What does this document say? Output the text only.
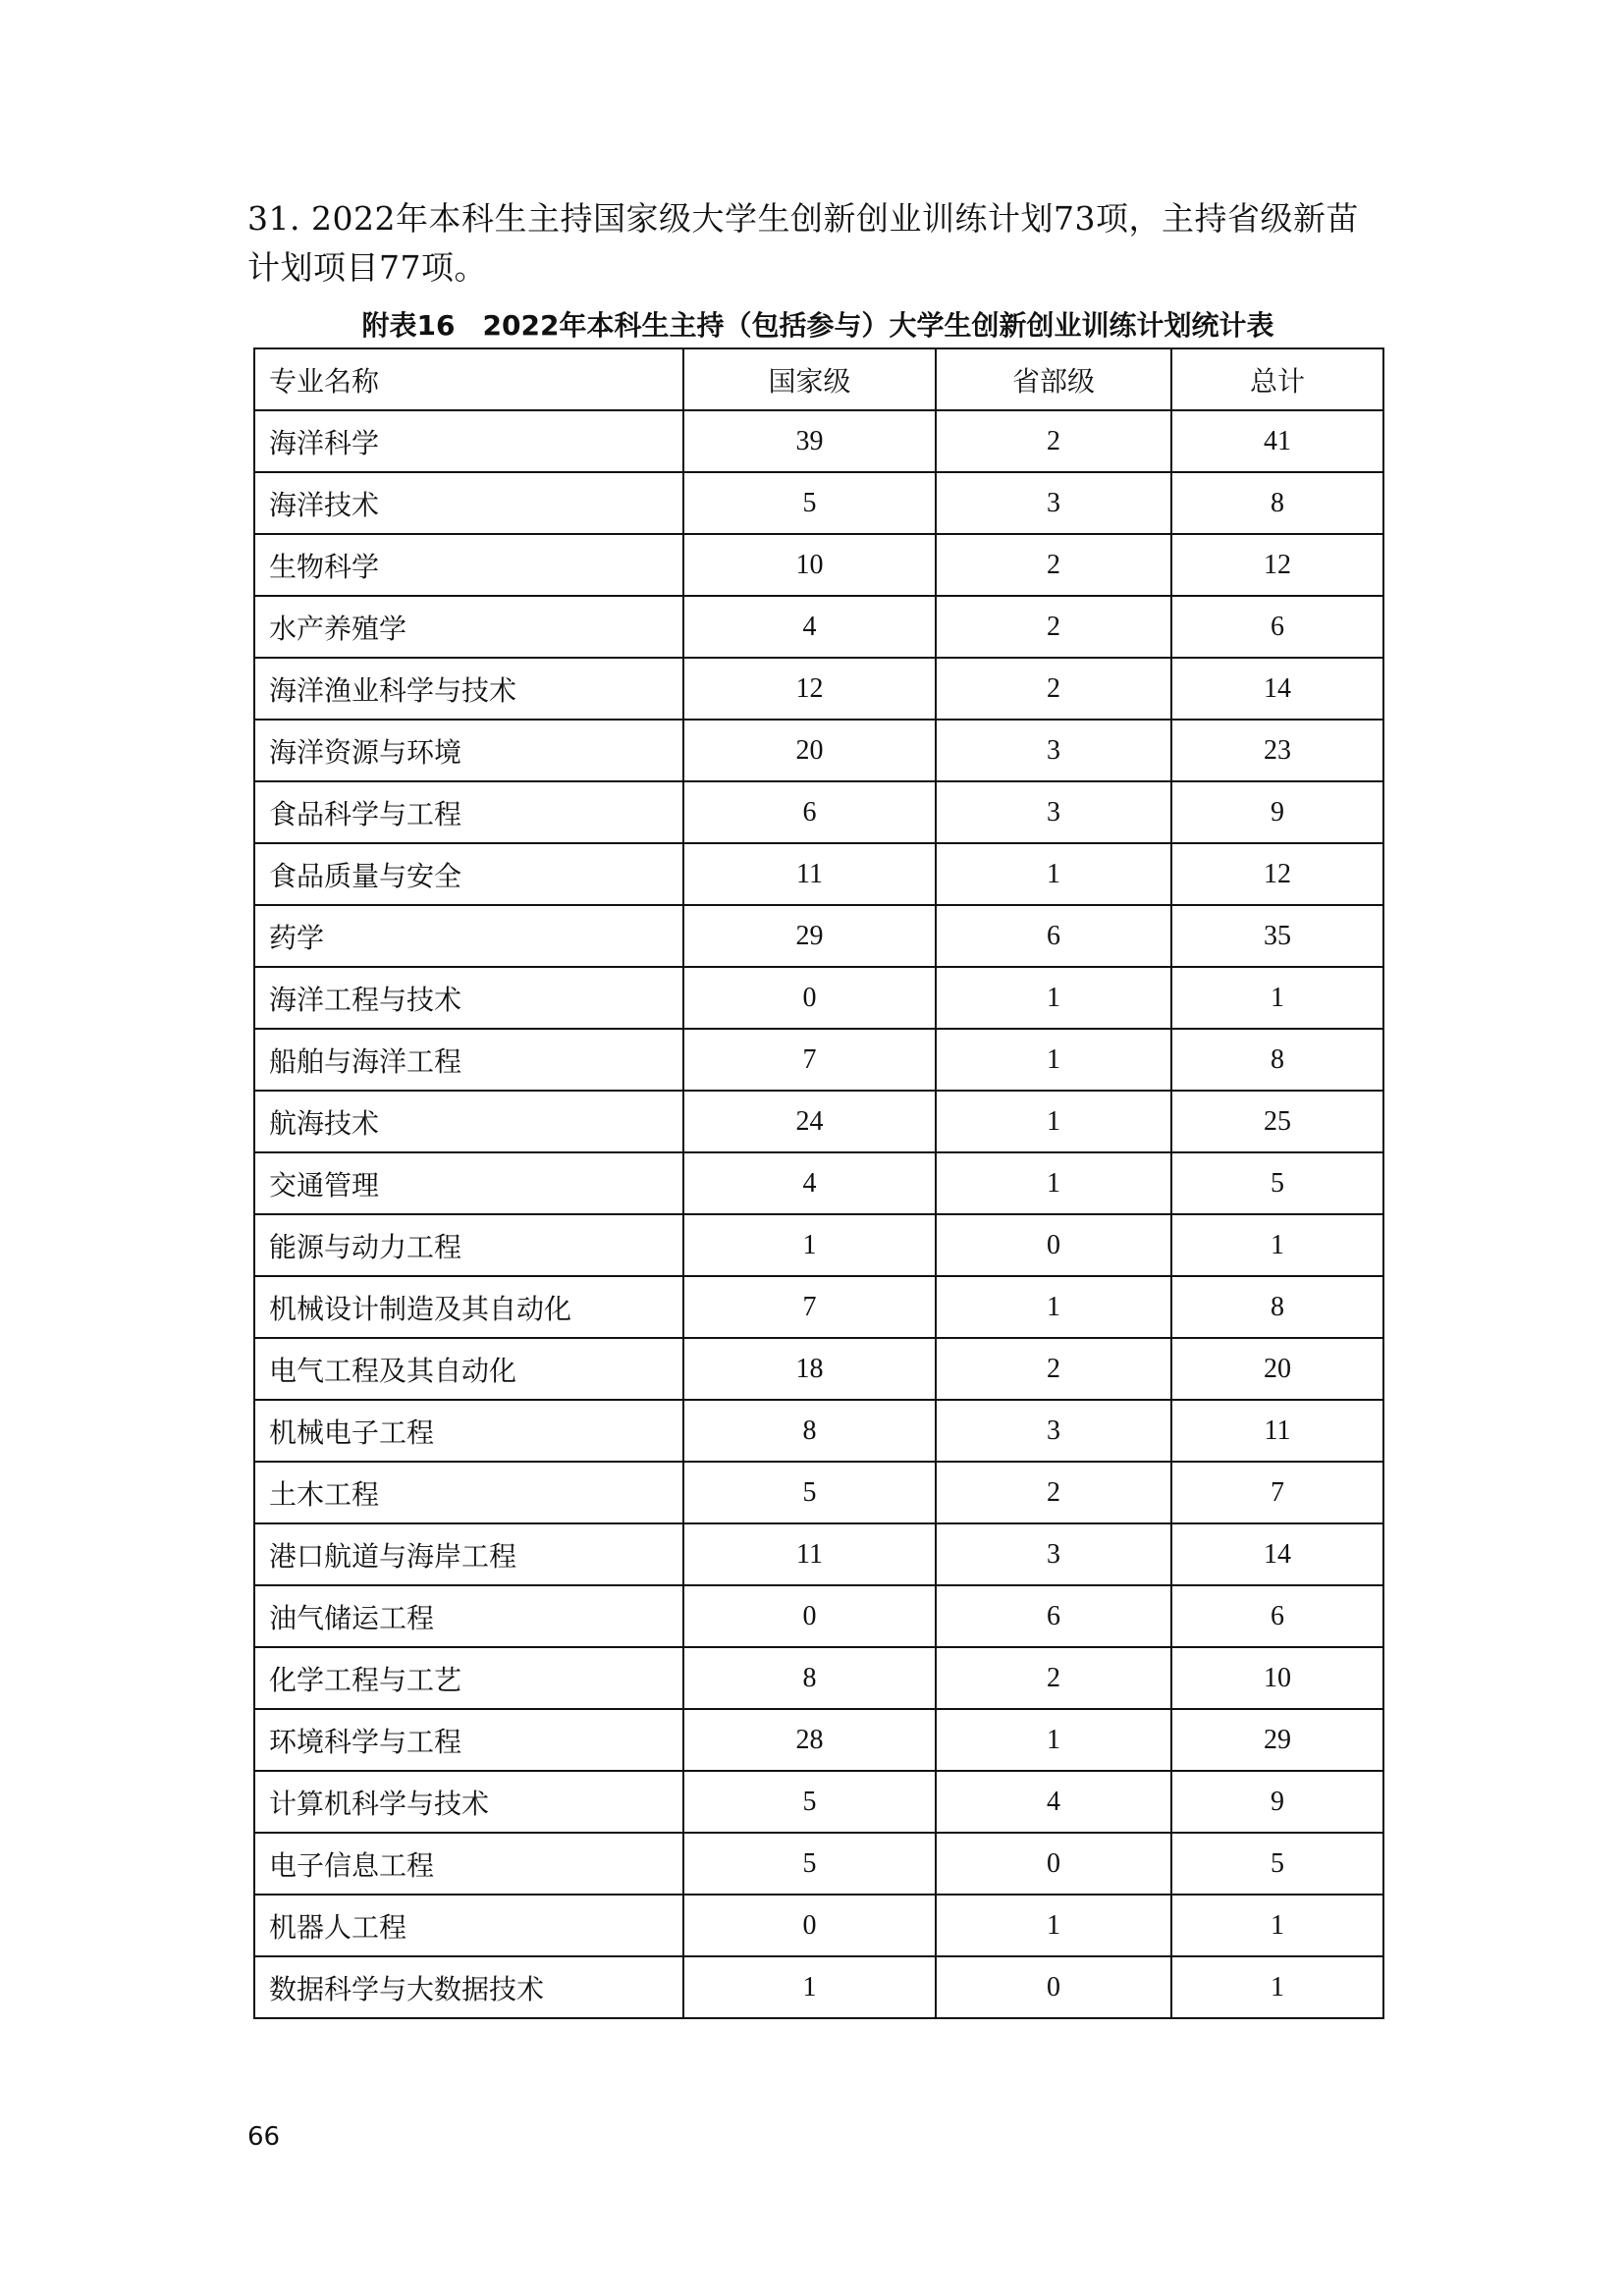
31. 2022年本科生主持国家级大学生创新创业训练计划73项，主持省级新苗

计划项目77项。

附表16　2022年本科生主持（包括参与）大学生创新创业训练计划统计表
专业名称	国家级	省部级	总计
海洋科学	39	2	41
海洋技术	5	3	8
生物科学	10	2	12
水产养殖学	4	2	6
海洋渔业科学与技术	12	2	14
海洋资源与环境	20	3	23
食品科学与工程	6	3	9
食品质量与安全	11	1	12
药学	29	6	35
海洋工程与技术	0	1	1
船舶与海洋工程	7	1	8
航海技术	24	1	25
交通管理	4	1	5
能源与动力工程	1	0	1
机械设计制造及其自动化	7	1	8
电气工程及其自动化	18	2	20
机械电子工程	8	3	11
土木工程	5	2	7
港口航道与海岸工程	11	3	14
油气储运工程	0	6	6
化学工程与工艺	8	2	10
环境科学与工程	28	1	29
计算机科学与技术	5	4	9
电子信息工程	5	0	5
机器人工程	0	1	1
数据科学与大数据技术	1	0	1
66
